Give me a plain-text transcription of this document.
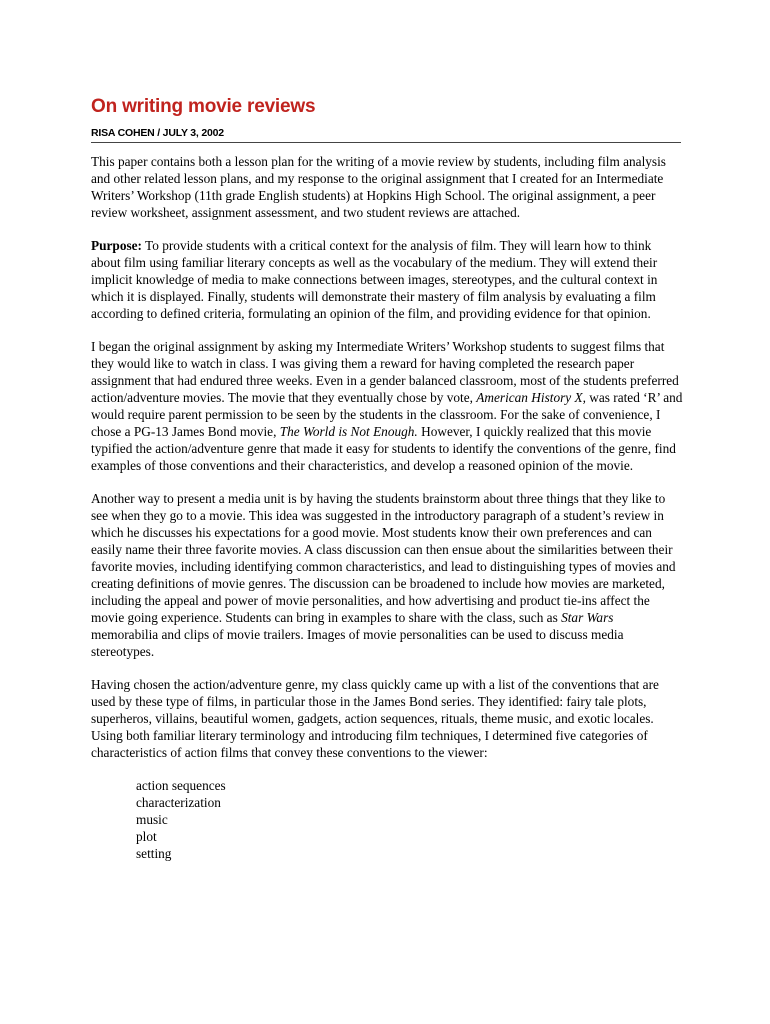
On writing movie reviews
RISA COHEN / JULY 3, 2002

This paper contains both a lesson plan for the writing of a movie review by students, including film analysis and other related lesson plans, and my response to the original assignment that I created for an Intermediate Writers’ Workshop (11th grade English students) at Hopkins High School. The original assignment, a peer review worksheet, assignment assessment, and two student reviews are attached.

Purpose: To provide students with a critical context for the analysis of film. They will learn how to think about film using familiar literary concepts as well as the vocabulary of the medium. They will extend their implicit knowledge of media to make connections between images, stereotypes, and the cultural context in which it is displayed. Finally, students will demonstrate their mastery of film analysis by evaluating a film according to defined criteria, formulating an opinion of the film, and providing evidence for that opinion.

I began the original assignment by asking my Intermediate Writers’ Workshop students to suggest films that they would like to watch in class. I was giving them a reward for having completed the research paper assignment that had endured three weeks. Even in a gender balanced classroom, most of the students preferred action/adventure movies. The movie that they eventually chose by vote, American History X, was rated ‘R’ and would require parent permission to be seen by the students in the classroom. For the sake of convenience, I chose a PG-13 James Bond movie, The World is Not Enough. However, I quickly realized that this movie typified the action/adventure genre that made it easy for students to identify the conventions of the genre, find examples of those conventions and their characteristics, and develop a reasoned opinion of the movie.

Another way to present a media unit is by having the students brainstorm about three things that they like to see when they go to a movie. This idea was suggested in the introductory paragraph of a student’s review in which he discusses his expectations for a good movie. Most students know their own preferences and can easily name their three favorite movies. A class discussion can then ensue about the similarities between their favorite movies, including identifying common characteristics, and lead to distinguishing types of movies and creating definitions of movie genres. The discussion can be broadened to include how movies are marketed, including the appeal and power of movie personalities, and how advertising and product tie-ins affect the movie going experience. Students can bring in examples to share with the class, such as Star Wars memorabilia and clips of movie trailers. Images of movie personalities can be used to discuss media stereotypes.

Having chosen the action/adventure genre, my class quickly came up with a list of the conventions that are used by these type of films, in particular those in the James Bond series. They identified: fairy tale plots, superheros, villains, beautiful women, gadgets, action sequences, rituals, theme music, and exotic locales. Using both familiar literary terminology and introducing film techniques, I determined five categories of characteristics of action films that convey these conventions to the viewer:

action sequences
characterization
music
plot
setting
